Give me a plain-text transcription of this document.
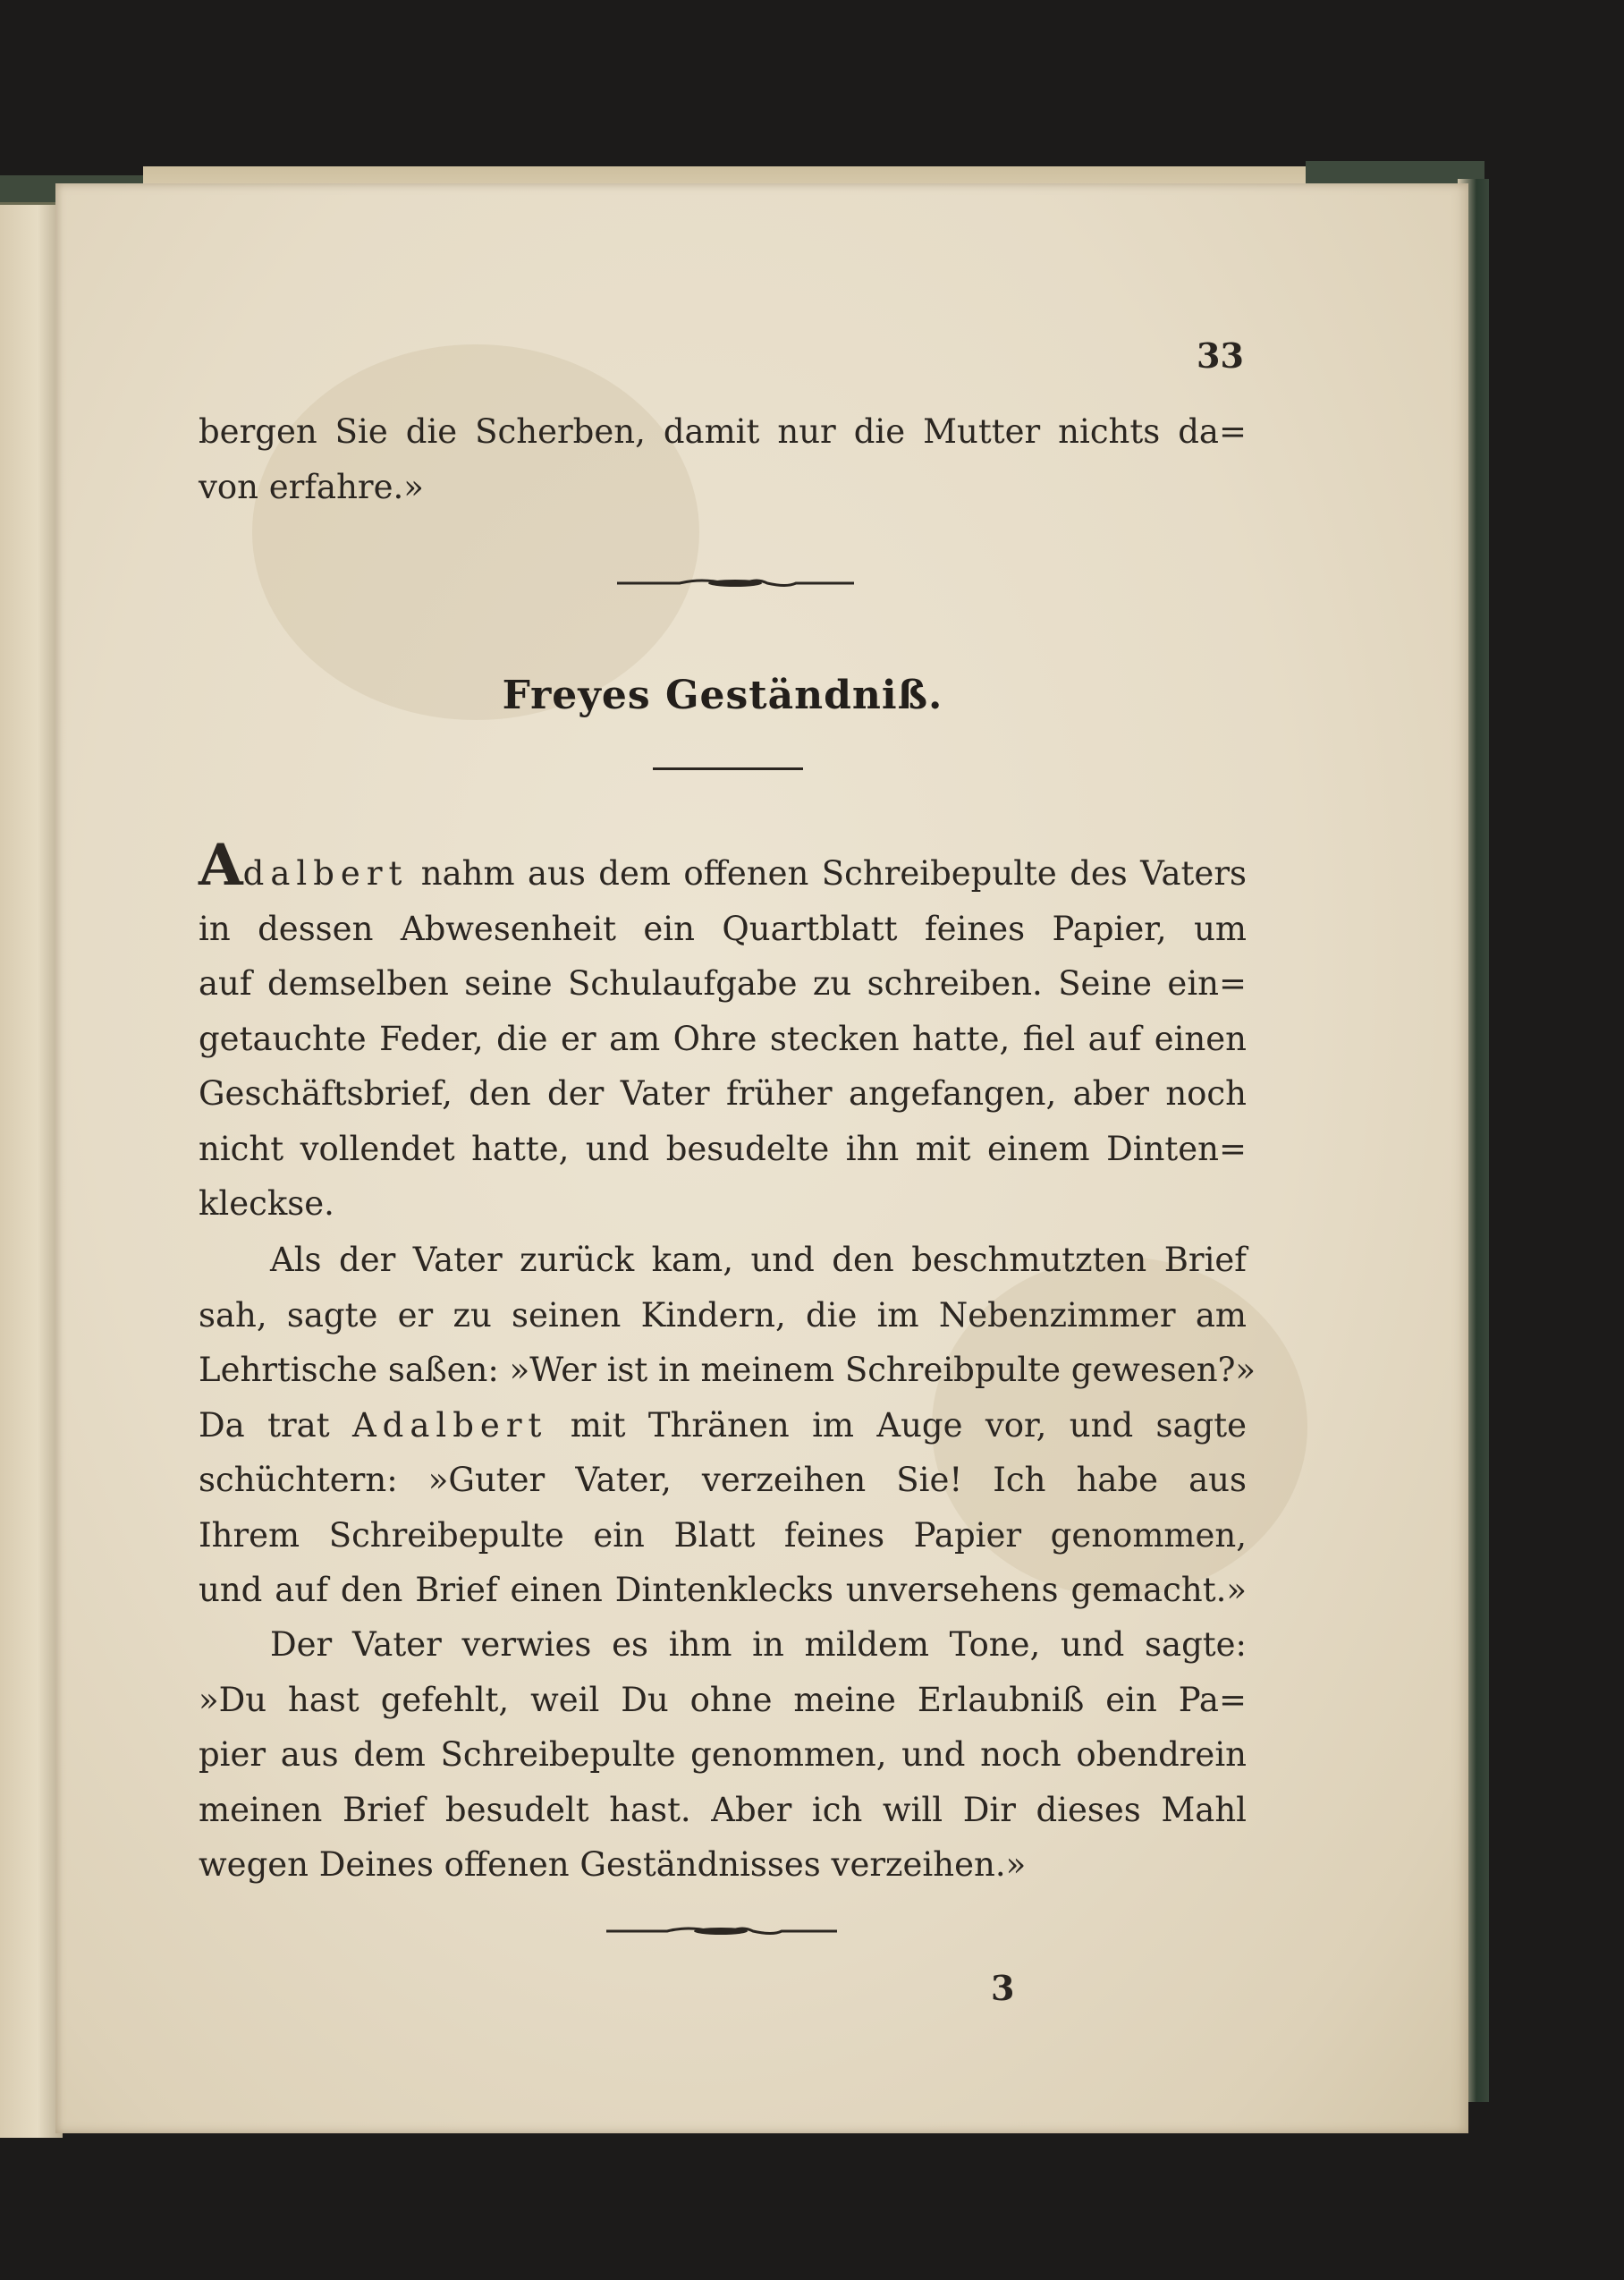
33

bergen Sie die Scherben, damit nur die Mutter nichts da=
von erfahre.»
Freyes Geständniß.
Adalbert nahm aus dem offenen Schreibepulte des Vaters
in dessen Abwesenheit ein Quartblatt feines Papier, um
auf demselben seine Schulaufgabe zu schreiben. Seine ein=
getauchte Feder, die er am Ohre stecken hatte, fiel auf einen
Geschäftsbrief, den der Vater früher angefangen, aber noch
nicht vollendet hatte, und besudelte ihn mit einem Dinten=
kleckse.
Als der Vater zurück kam, und den beschmutzten Brief
sah, sagte er zu seinen Kindern, die im Nebenzimmer am
Lehrtische saßen: »Wer ist in meinem Schreibpulte gewesen?»
Da trat Adalbert mit Thränen im Auge vor, und sagte
schüchtern: »Guter Vater, verzeihen Sie! Ich habe aus
Ihrem Schreibepulte ein Blatt feines Papier genommen,
und auf den Brief einen Dintenklecks unversehens gemacht.»
Der Vater verwies es ihm in mildem Tone, und sagte:
»Du hast gefehlt, weil Du ohne meine Erlaubniß ein Pa=
pier aus dem Schreibepulte genommen, und noch obendrein
meinen Brief besudelt hast. Aber ich will Dir dieses Mahl
wegen Deines offenen Geständnisses verzeihen.»

3
